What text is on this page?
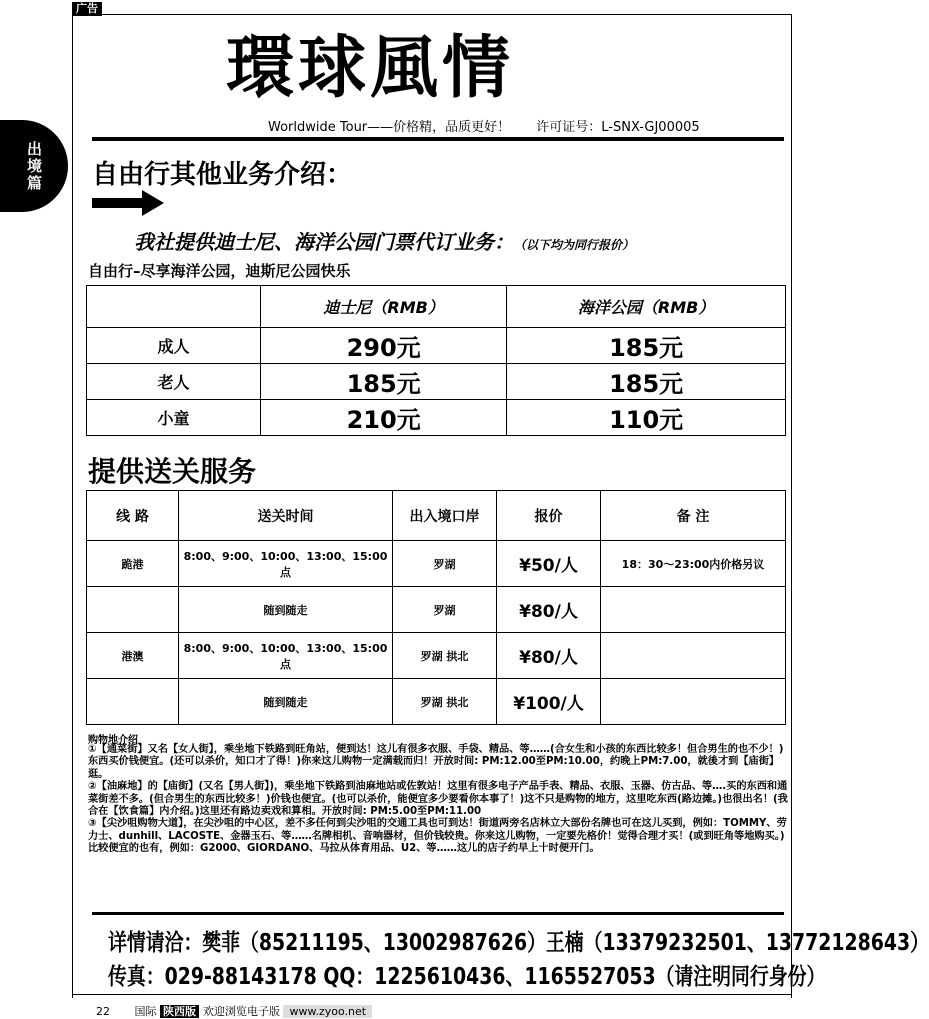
广告
出境篇
環球風情
Worldwide Tour——价格精，品质更好！ 许可证号：L-SNX-GJ00005
自由行其他业务介绍：
我社提供迪士尼、海洋公园门票代订业务： （以下均为同行报价）
自由行–尽享海洋公园，迪斯尼公园快乐
	迪士尼（RMB）	海洋公园（RMB）
成人	290元	185元
老人	185元	185元
小童	210元	110元
提供送关服务
线 路	送关时间	出入境口岸	报价	备 注
跪港	8:00、9:00、10:00、13:00、15:00点	罗湖	¥50/人	18：30～23:00内价格另议
	随到随走	罗湖	¥80/人	
港澳	8:00、9:00、10:00、13:00、15:00点	罗湖 拱北	¥80/人	
	随到随走	罗湖 拱北	¥100/人	
购物地介绍

①【通菜街】又名【女人街】，乘坐地下铁路到旺角站，便到达！这儿有很多衣服、手袋、精品、等……(合女生和小孩的东西比较多！但合男生的也不少！)东西买价钱便宜。(还可以杀价，知口才了得！)你来这儿购物一定满载而归！开放时间: PM:12.00至PM:10.00，约晚上PM:7.00，就後才到【庙街】逛。

②【油麻地】的【庙街】(又名【男人街】)，乘坐地下铁路到油麻地站或佐敦站！这里有很多电子产品手表、精品、衣服、玉器、仿古品、等….买的东西和通菜街差不多。(但合男生的东西比较多！)价钱也便宜。(也可以杀价，能便宜多少要看你本事了！)这不只是购物的地方，这里吃东西(路边摊。)也很出名！(我合在【饮食篇】内介绍。)这里还有路边卖戏和算相。开放时间: PM:5.00至PM:11.00

③【尖沙咀购物大道】，在尖沙咀的中心区，差不多任何到尖沙咀的交通工具也可到达！街道两旁名店林立大部份名牌也可在这儿买到，例如：TOMMY、劳力士、dunhill、LACOSTE、金器玉石、等……名牌相机、音响器材，但价钱较贵。你来这儿购物，一定要先格价！觉得合理才买！(或到旺角等地购买。)比较便宜的也有，例如：G2000、GIORDANO、马拉从体育用品、U2、等……这儿的店子约早上十时便开门。

详情请洽：樊菲（85211195、13002987626）王楠（13379232501、13772128643）
传真：029-88143178 QQ：1225610436、1165527053（请注明同行身份）
22 国际 陕西版 欢迎浏览电子版 www.zyoo.net
